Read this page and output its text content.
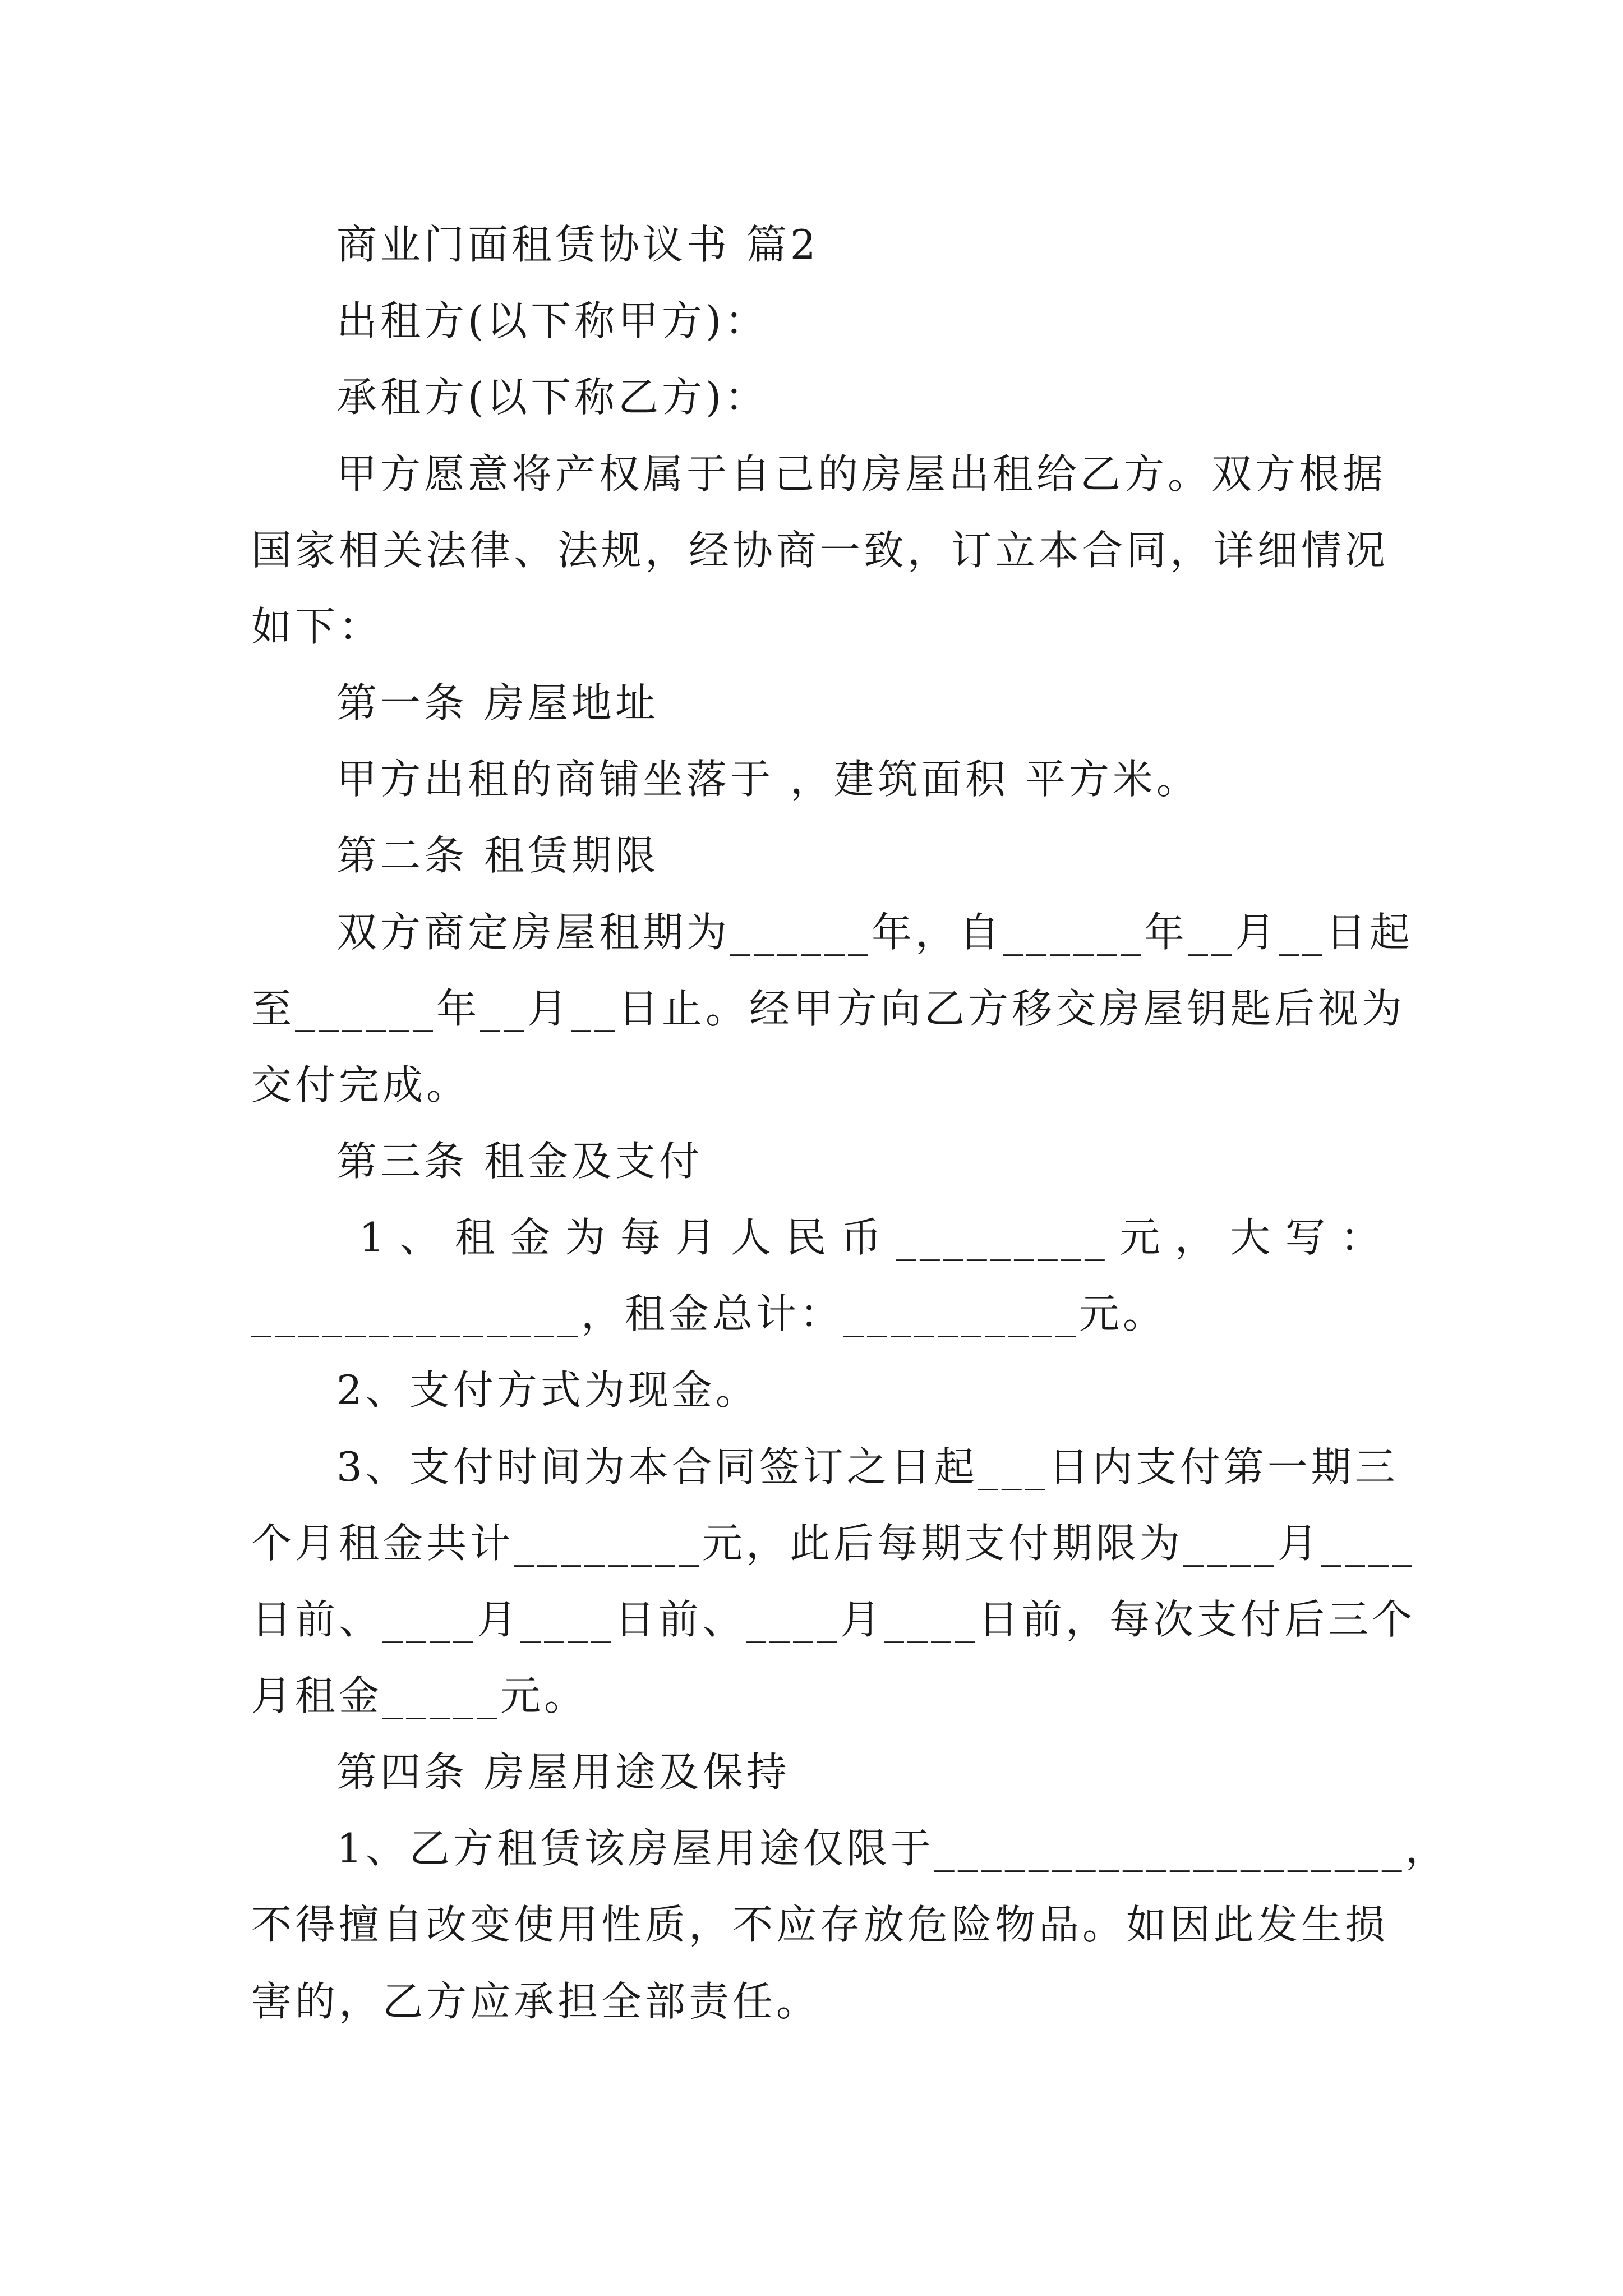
商业门面租赁协议书 篇2
出租方(以下称甲方)：
承租方(以下称乙方)：
甲方愿意将产权属于自己的房屋出租给乙方。双方根据
国家相关法律、法规，经协商一致，订立本合同，详细情况
如下：
第一条 房屋地址
甲方出租的商铺坐落于 ，建筑面积 平方米。
第二条 租赁期限
双方商定房屋租期为______年，自______年__月__日起
至______年__月__日止。经甲方向乙方移交房屋钥匙后视为
交付完成。
第三条 租金及支付
1、租金为每月人民币_________元，大写：
______________，租金总计：__________元。
2、支付方式为现金。
3、支付时间为本合同签订之日起___日内支付第一期三
个月租金共计________元，此后每期支付期限为____月____
日前、____月____日前、____月____日前，每次支付后三个
月租金_____元。
第四条 房屋用途及保持
1、乙方租赁该房屋用途仅限于____________________，
不得擅自改变使用性质，不应存放危险物品。如因此发生损
害的，乙方应承担全部责任。
